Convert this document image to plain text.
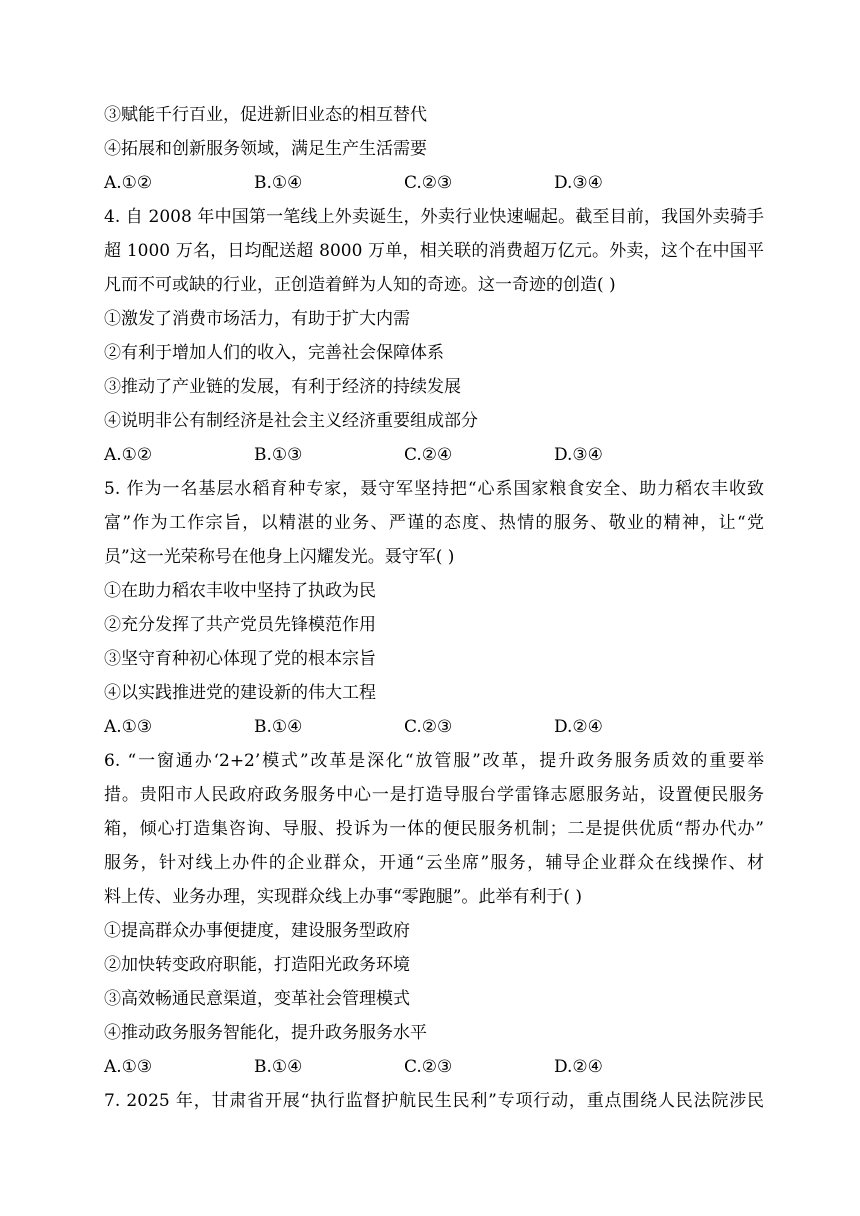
③赋能千行百业，促进新旧业态的相互替代
④拓展和创新服务领域，满足生产生活需要
A.①②	B.①④	C.②③	D.③④
4. 自 2008 年中国第一笔线上外卖诞生，外卖行业快速崛起。截至目前，我国外卖骑手
超 1000 万名，日均配送超 8000 万单，相关联的消费超万亿元。外卖，这个在中国平
凡而不可或缺的行业，正创造着鲜为人知的奇迹。这一奇迹的创造( )
①激发了消费市场活力，有助于扩大内需
②有利于增加人们的收入，完善社会保障体系
③推动了产业链的发展，有利于经济的持续发展
④说明非公有制经济是社会主义经济重要组成部分
A.①②	B.①③	C.②④	D.③④
5. 作为一名基层水稻育种专家，聂守军坚持把“心系国家粮食安全、助力稻农丰收致
富”作为工作宗旨，以精湛的业务、严谨的态度、热情的服务、敬业的精神，让“党
员”这一光荣称号在他身上闪耀发光。聂守军( )
①在助力稻农丰收中坚持了执政为民
②充分发挥了共产党员先锋模范作用
③坚守育种初心体现了党的根本宗旨
④以实践推进党的建设新的伟大工程
A.①③	B.①④	C.②③	D.②④
6. “一窗通办‘2+2’模式”改革是深化“放管服”改革，提升政务服务质效的重要举
措。贵阳市人民政府政务服务中心一是打造导服台学雷锋志愿服务站，设置便民服务
箱，倾心打造集咨询、导服、投诉为一体的便民服务机制；二是提供优质“帮办代办”
服务，针对线上办件的企业群众，开通“云坐席”服务，辅导企业群众在线操作、材
料上传、业务办理，实现群众线上办事“零跑腿”。此举有利于( )
①提高群众办事便捷度，建设服务型政府
②加快转变政府职能，打造阳光政务环境
③高效畅通民意渠道，变革社会管理模式
④推动政务服务智能化，提升政务服务水平
A.①③	B.①④	C.②③	D.②④
7. 2025 年，甘肃省开展“执行监督护航民生民利”专项行动，重点围绕人民法院涉民
